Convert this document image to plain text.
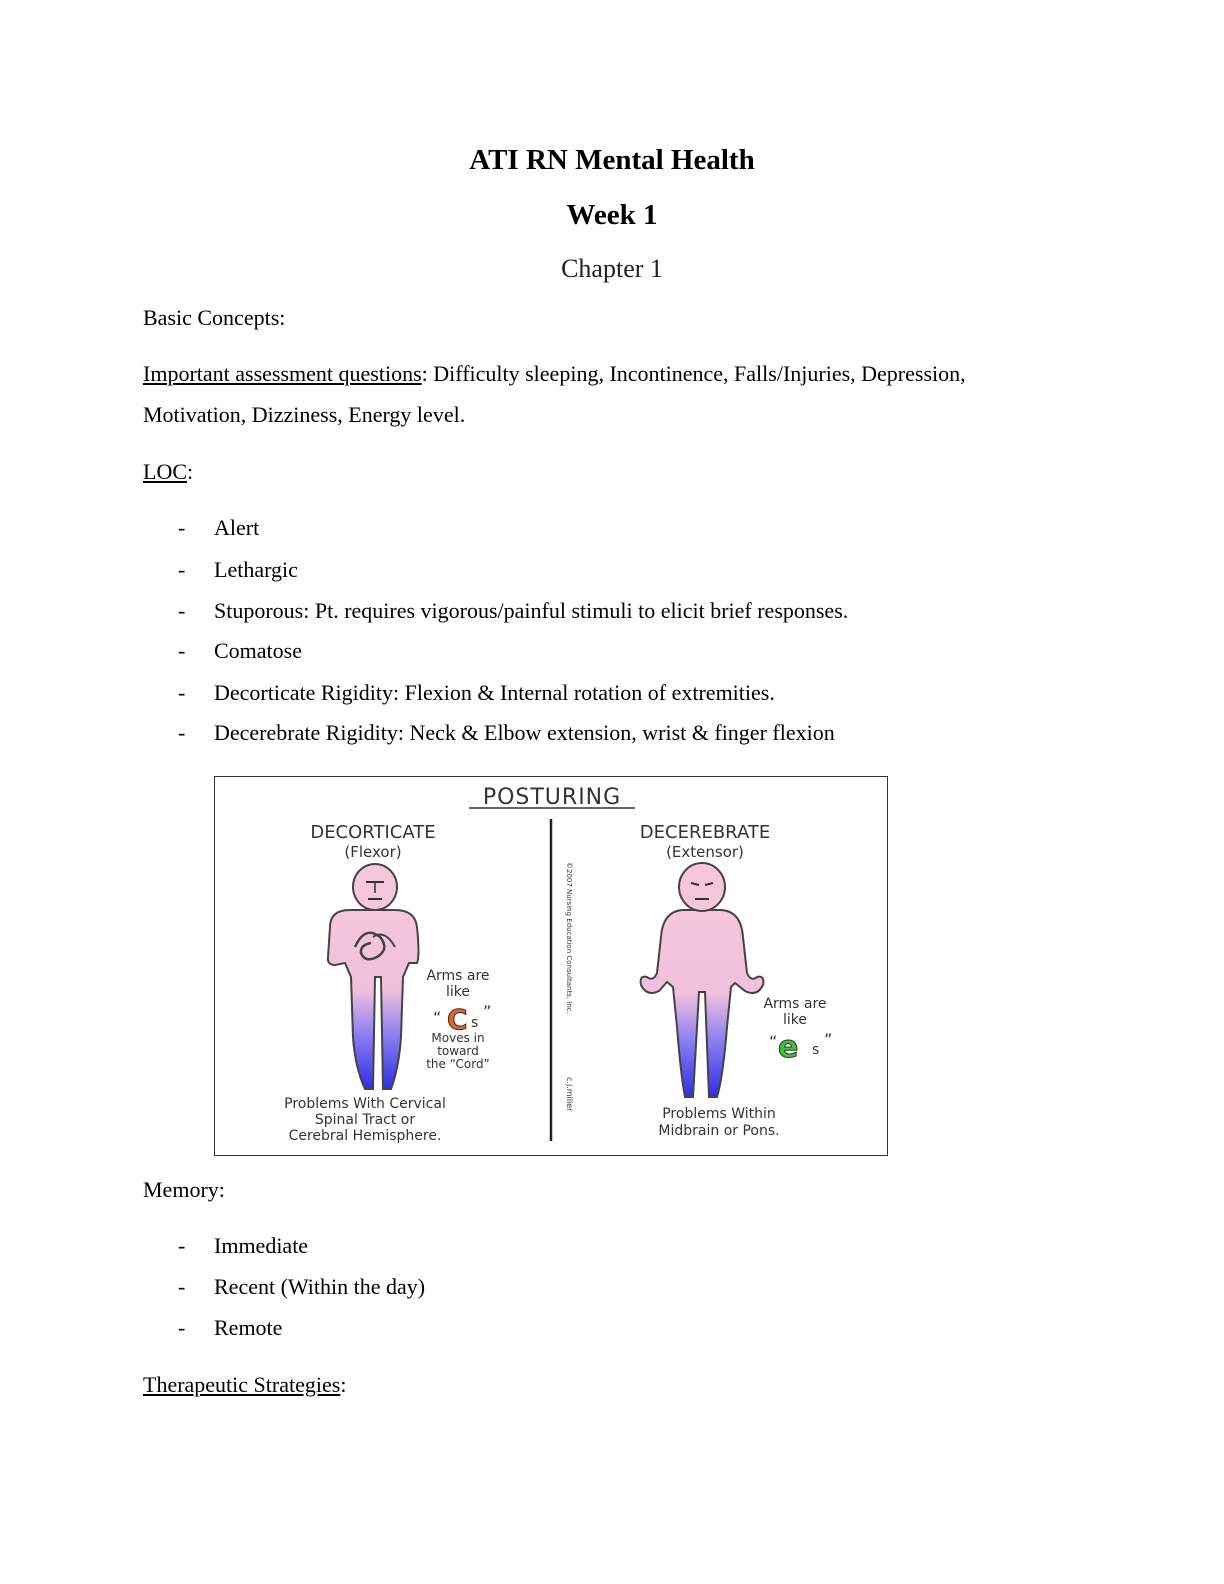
ATI RN Mental Health
Week 1
Chapter 1

Basic Concepts:

Important assessment questions: Difficulty sleeping, Incontinence, Falls/Injuries, Depression,

Motivation, Dizziness, Energy level.

LOC:

- Alert
- Lethargic
- Stuporous: Pt. requires vigorous/painful stimuli to elicit brief responses.
- Comatose
- Decorticate Rigidity: Flexion & Internal rotation of extremities.
- Decerebrate Rigidity: Neck & Elbow extension, wrist & finger flexion
POSTURING
DECORTICATE
(Flexor)
Arms are
like
“ C s
”
Moves in
toward
the “Cord”
Problems With Cervical
Spinal Tract or
Cerebral Hemisphere.
©2007 Nursing Education Consultants, Inc.
c.j.miller
DECEREBRATE
(Extensor)
Arms are
like
“ e s
”
Problems Within
Midbrain or Pons.

Memory:

- Immediate
- Recent (Within the day)
- Remote

Therapeutic Strategies:
